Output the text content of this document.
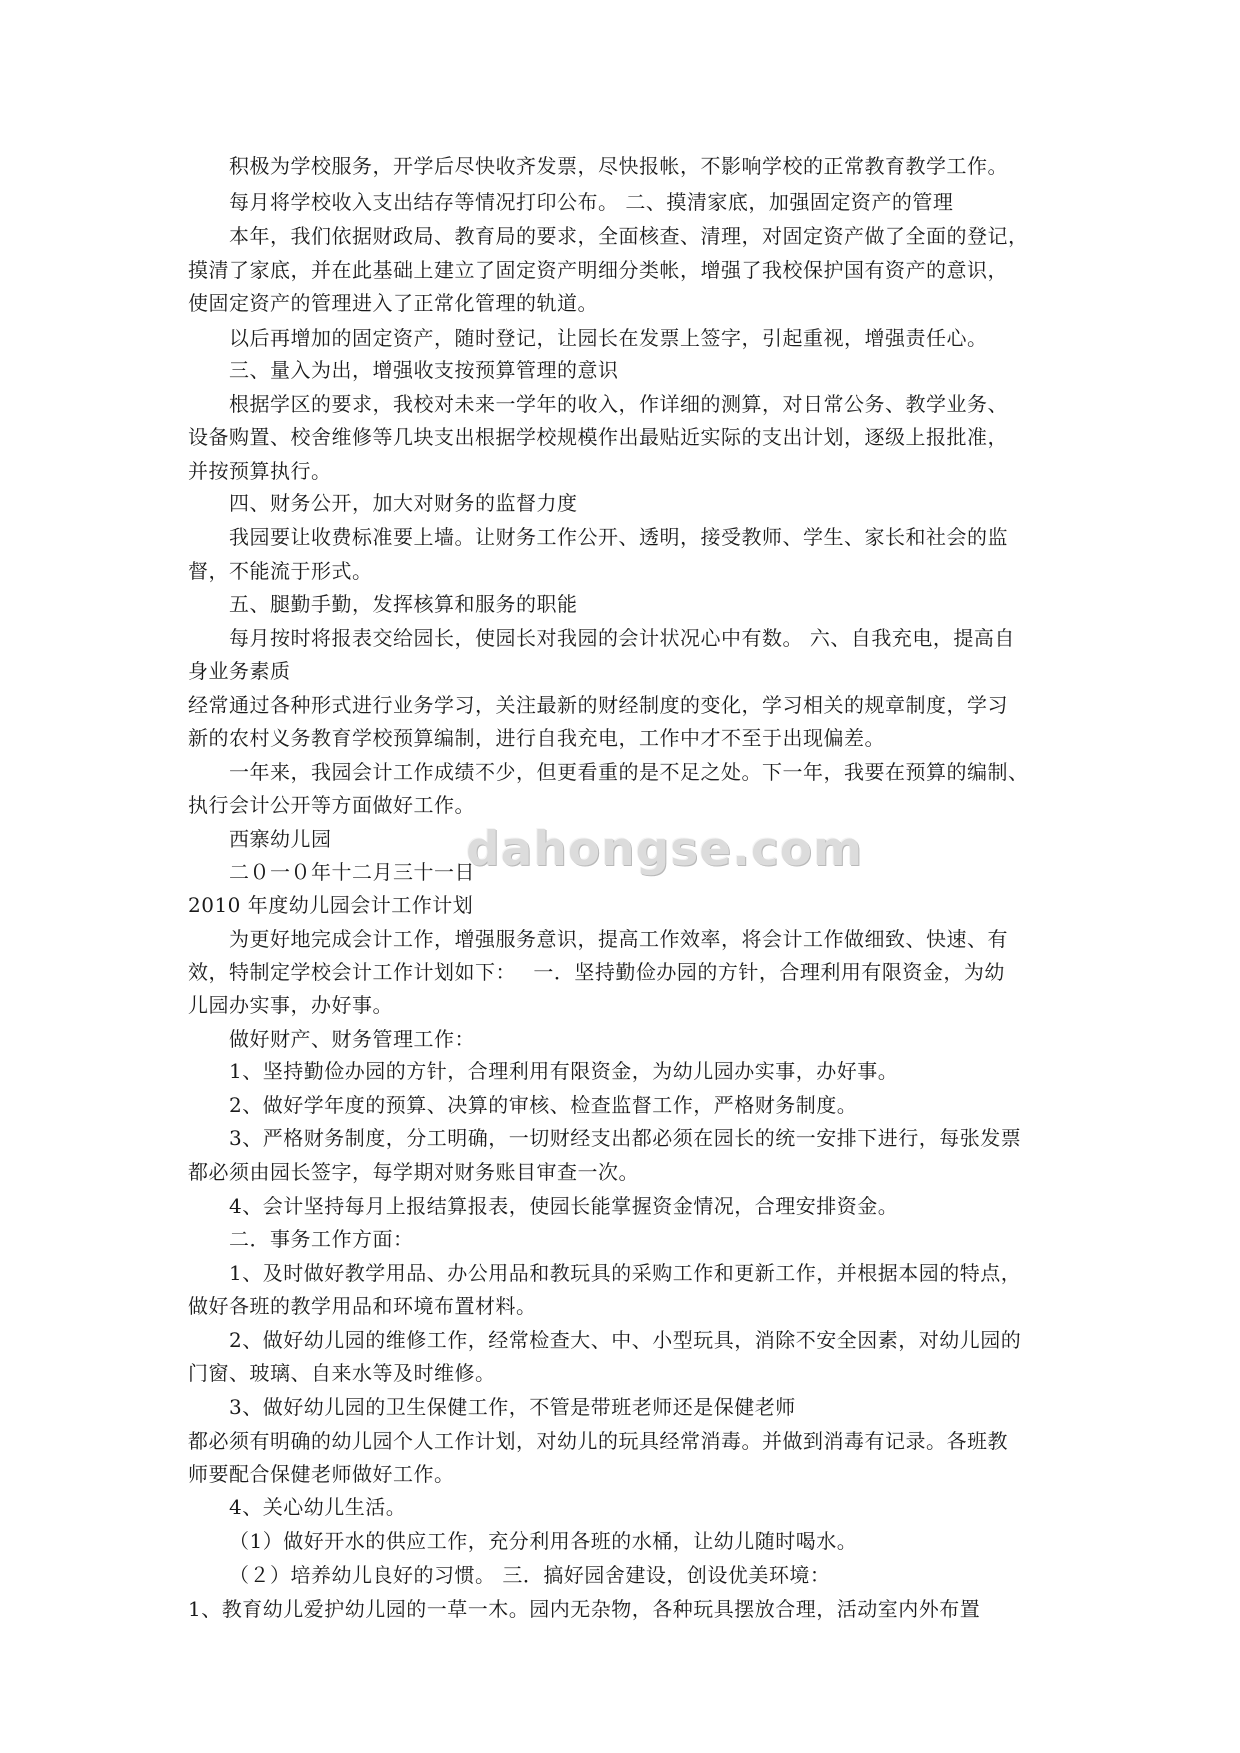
积极为学校服务，开学后尽快收齐发票，尽快报帐，不影响学校的正常教育教学工作。
每月将学校收入支出结存等情况打印公布。 二、摸清家底，加强固定资产的管理
本年，我们依据财政局、教育局的要求，全面核查、清理，对固定资产做了全面的登记，
摸清了家底，并在此基础上建立了固定资产明细分类帐，增强了我校保护国有资产的意识，
使固定资产的管理进入了正常化管理的轨道。
以后再增加的固定资产，随时登记，让园长在发票上签字，引起重视，增强责任心。
三、量入为出，增强收支按预算管理的意识
根据学区的要求，我校对未来一学年的收入，作详细的测算，对日常公务、教学业务、
设备购置、校舍维修等几块支出根据学校规模作出最贴近实际的支出计划，逐级上报批准，
并按预算执行。
四、财务公开，加大对财务的监督力度
我园要让收费标准要上墙。让财务工作公开、透明，接受教师、学生、家长和社会的监
督，不能流于形式。
五、腿勤手勤，发挥核算和服务的职能
每月按时将报表交给园长，使园长对我园的会计状况心中有数。 六、自我充电，提高自
身业务素质
经常通过各种形式进行业务学习，关注最新的财经制度的变化，学习相关的规章制度，学习
新的农村义务教育学校预算编制，进行自我充电，工作中才不至于出现偏差。
一年来，我园会计工作成绩不少，但更看重的是不足之处。下一年，我要在预算的编制、
执行会计公开等方面做好工作。
西寨幼儿园
二０一０年十二月三十一日
2010 年度幼儿园会计工作计划
为更好地完成会计工作，增强服务意识，提高工作效率，将会计工作做细致、快速、有
效，特制定学校会计工作计划如下：　 一．坚持勤俭办园的方针，合理利用有限资金，为幼
儿园办实事，办好事。
做好财产、财务管理工作：
1、坚持勤俭办园的方针，合理利用有限资金，为幼儿园办实事，办好事。
2、做好学年度的预算、决算的审核、检查监督工作，严格财务制度。
3、严格财务制度，分工明确，一切财经支出都必须在园长的统一安排下进行，每张发票
都必须由园长签字，每学期对财务账目审查一次。
4、会计坚持每月上报结算报表，使园长能掌握资金情况，合理安排资金。
二．事务工作方面：
1、及时做好教学用品、办公用品和教玩具的采购工作和更新工作，并根据本园的特点，
做好各班的教学用品和环境布置材料。
2、做好幼儿园的维修工作，经常检查大、中、小型玩具，消除不安全因素，对幼儿园的
门窗、玻璃、自来水等及时维修。
3、做好幼儿园的卫生保健工作，不管是带班老师还是保健老师
都必须有明确的幼儿园个人工作计划，对幼儿的玩具经常消毒。并做到消毒有记录。各班教
师要配合保健老师做好工作。
4、关心幼儿生活。
（1）做好开水的供应工作，充分利用各班的水桶，让幼儿随时喝水。
（２）培养幼儿良好的习惯。 三．搞好园舍建设，创设优美环境：
1、教育幼儿爱护幼儿园的一草一木。园内无杂物，各种玩具摆放合理，活动室内外布置
dahongse.com
